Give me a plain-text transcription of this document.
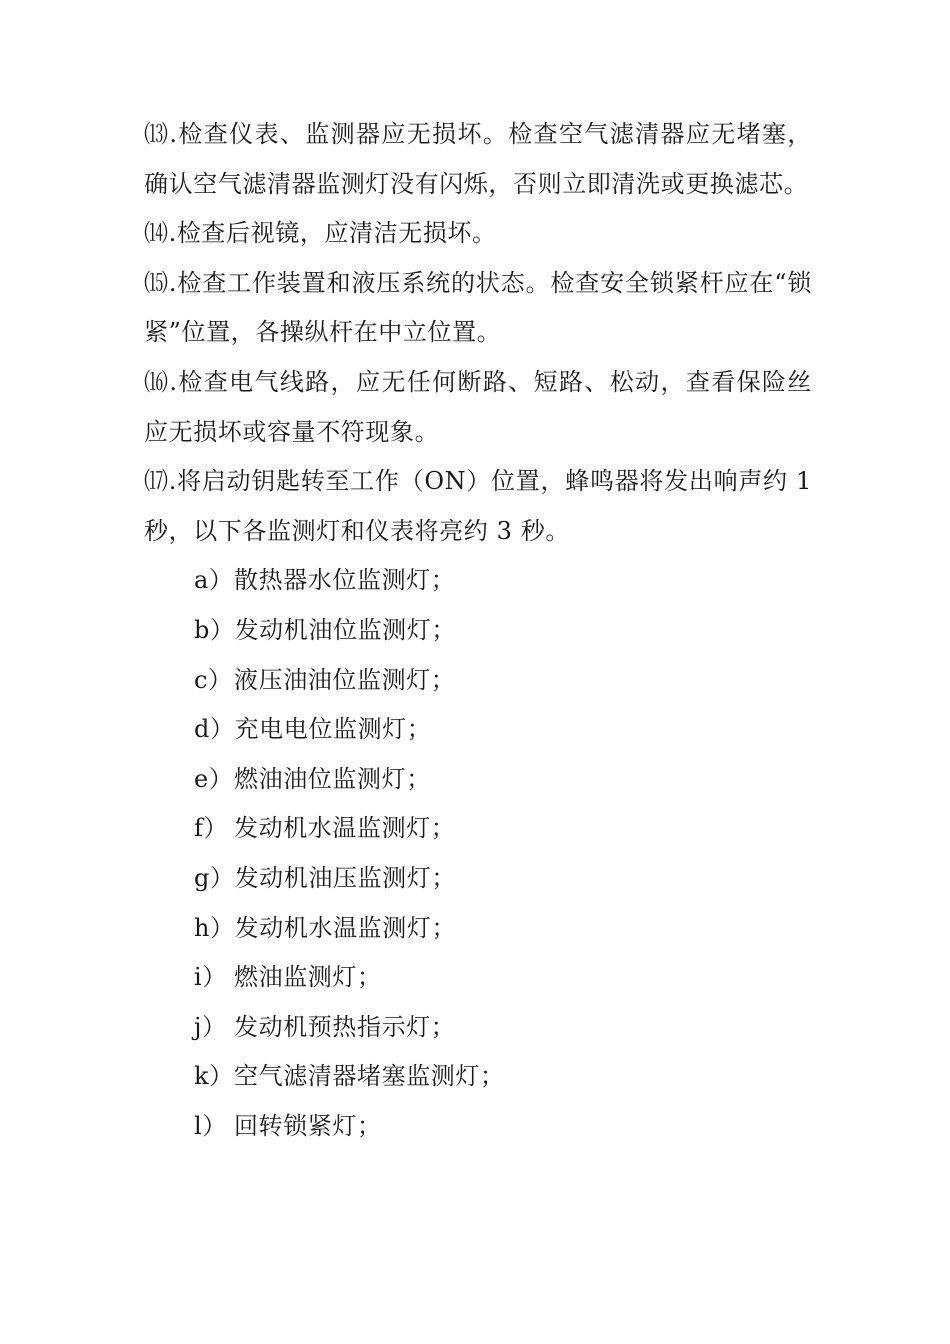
⒀.检查仪表、监测器应无损坏。检查空气滤清器应无堵塞，确认空气滤清器监测灯没有闪烁，否则立即清洗或更换滤芯。

⒁.检查后视镜，应清洁无损坏。

⒂.检查工作装置和液压系统的状态。检查安全锁紧杆应在“锁紧”位置，各操纵杆在中立位置。

⒃.检查电气线路，应无任何断路、短路、松动，查看保险丝应无损坏或容量不符现象。

⒄.将启动钥匙转至工作（ON）位置，蜂鸣器将发出响声约 1 秒，以下各监测灯和仪表将亮约 3 秒。

a）散热器水位监测灯；
b）发动机油位监测灯；
c）液压油油位监测灯；
d）充电电位监测灯；
e）燃油油位监测灯；
f） 发动机水温监测灯；
g）发动机油压监测灯；
h）发动机水温监测灯；
i） 燃油监测灯；
j） 发动机预热指示灯；
k）空气滤清器堵塞监测灯；
l） 回转锁紧灯；
